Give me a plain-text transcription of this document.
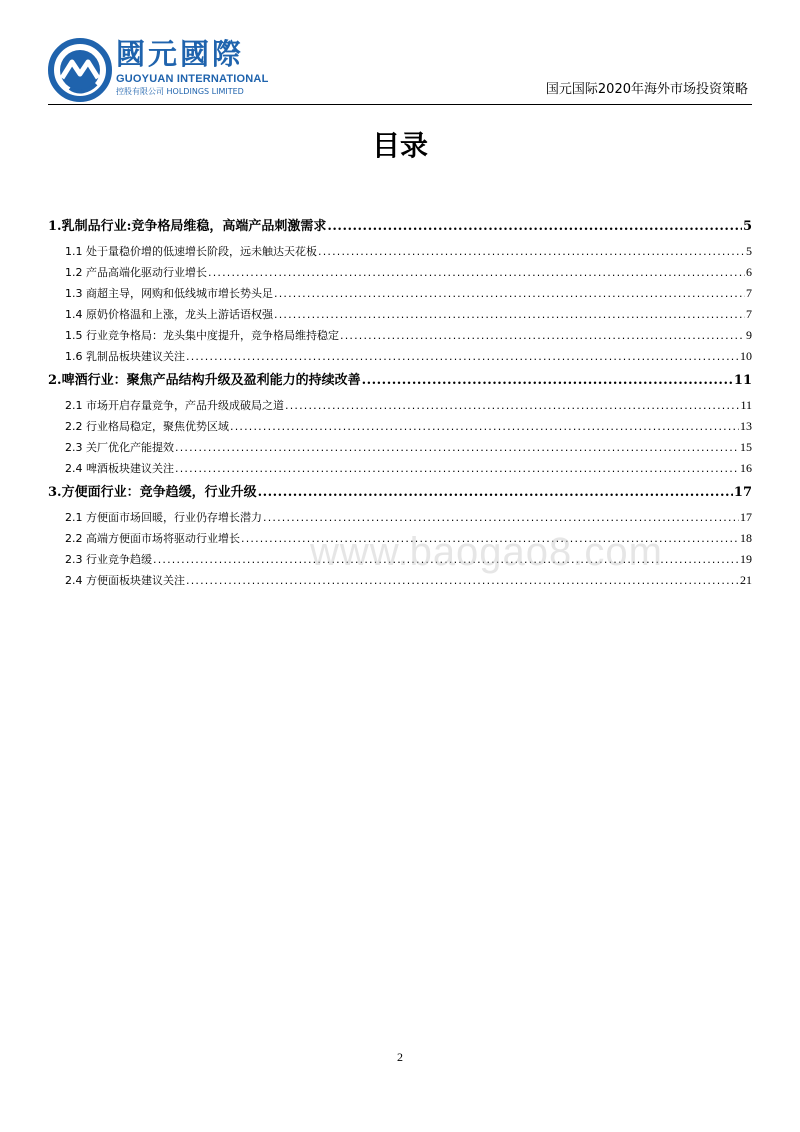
國元國際
GUOYUAN INTERNATIONAL
控股有限公司 HOLDINGS LIMITED	国元国际2020年海外市场投资策略
目录
1.乳制品行业:竞争格局维稳，高端产品刺激需求 .....	5
1.1 处于量稳价增的低速增长阶段，远未触达天花板 .....	5
1.2 产品高端化驱动行业增长 .....	6
1.3 商超主导，网购和低线城市增长势头足 .....	7
1.4 原奶价格温和上涨，龙头上游话语权强 .....	7
1.5 行业竞争格局：龙头集中度提升，竞争格局维持稳定 .....	9
1.6 乳制品板块建议关注 .....	10
2.啤酒行业：聚焦产品结构升级及盈利能力的持续改善 .....	11
2.1 市场开启存量竞争，产品升级成破局之道 .....	11
2.2 行业格局稳定，聚焦优势区域 .....	13
2.3 关厂优化产能提效 .....	15
2.4 啤酒板块建议关注 .....	16
3.方便面行业：竞争趋缓，行业升级 .....	17
2.1 方便面市场回暖，行业仍存增长潜力 .....	17
2.2 高端方便面市场将驱动行业增长 .....	18
2.3 行业竞争趋缓 .....	19
2.4 方便面板块建议关注 .....	21
www.baogao8.com
2
